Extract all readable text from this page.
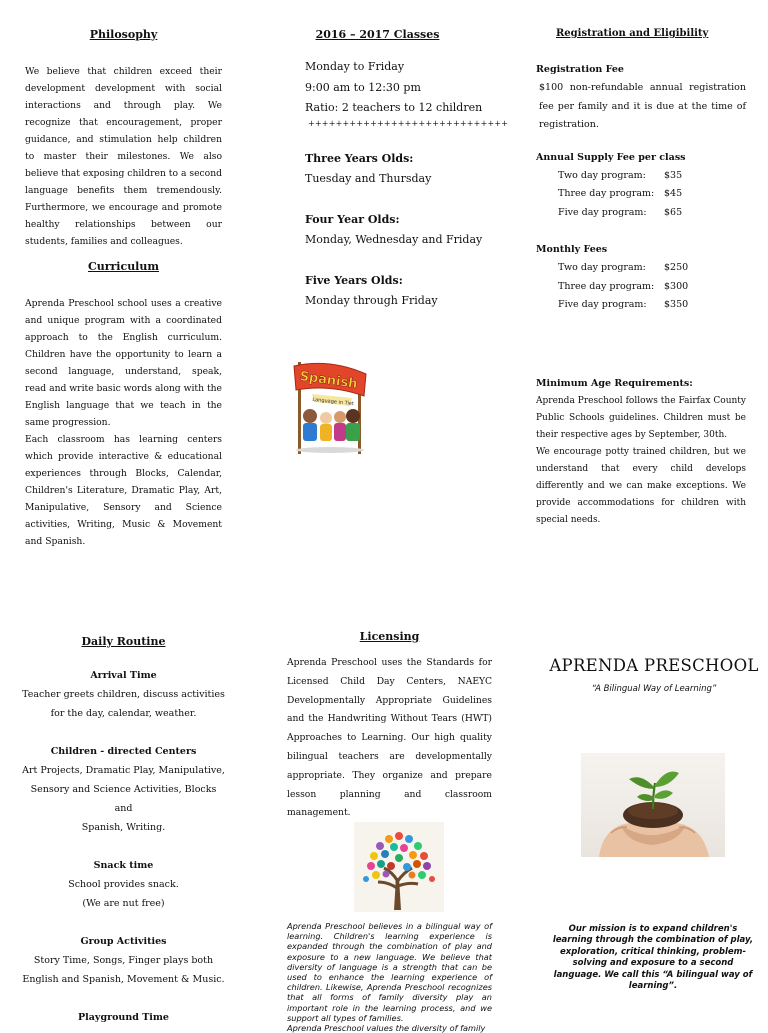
Philosophy
We believe that children exceed their development development with social interactions and through play. We recognize that encouragement, proper guidance, and stimulation help children to master their milestones. We also believe that exposing children to a second language benefits them tremendously. Furthermore, we encourage and promote healthy relationships between our students, families and colleagues.
Curriculum
Aprenda Preschool school uses a creative and unique program with a coordinated approach to the English curriculum. Children have the opportunity to learn a second language, understand, speak, read and write basic words along with the English language that we teach in the same progression.
Each classroom has learning centers which provide interactive & educational experiences through Blocks, Calendar, Children's Literature, Dramatic Play, Art, Manipulative, Sensory and Science activities, Writing, Music & Movement and Spanish.
2016 – 2017 Classes
Monday to Friday
9:00 am to 12:30 pm
Ratio: 2 teachers to 12 children
+++++++++++++++++++++++++++++
Three Years Olds:
Tuesday and Thursday
Four Year Olds:
Monday, Wednesday and Friday
Five Years Olds:
Monday through Friday
Spanish
Language in Tiet
Registration and Eligibility
Registration Fee
$100 non-refundable annual registration fee per family and it is due at the time of registration.
Annual Supply Fee per class
Two day program:	$35
Three day program:	$45
Five day program:	$65
Monthly Fees
Two day program:	$250
Three day program:	$300
Five day program:	$350
Minimum Age Requirements:
Aprenda Preschool follows the Fairfax County Public Schools guidelines. Children must be their respective ages by September, 30th.
We encourage potty trained children, but we understand that every child develops differently and we can make exceptions. We provide accommodations for children with special needs.
Daily Routine
Arrival Time
Teacher greets children, discuss activities
for the day, calendar, weather.
Children - directed Centers
Art Projects, Dramatic Play, Manipulative,
Sensory and Science Activities, Blocks and
Spanish, Writing.
Snack time
School provides snack.
(We are nut free)
Group Activities
Story Time, Songs, Finger plays both
English and Spanish, Movement & Music.
Playground Time
Licensing
Aprenda Preschool uses the Standards for Licensed Child Day Centers, NAEYC Developmentally Appropriate Guidelines and the Handwriting Without Tears (HWT) Approaches to Learning. Our high quality bilingual teachers are developmentally appropriate. They organize and prepare lesson planning and classroom management.
Aprenda Preschool believes in a bilingual way of learning. Children's learning experience is expanded through the combination of play and exposure to a new language. We believe that diversity of language is a strength that can be used to enhance the learning experience of children. Likewise, Aprenda Preschool recognizes that all forms of family diversity play an important role in the learning process, and we support all types of families.
Aprenda Preschool values the diversity of family
APRENDA PRESCHOOL
“A Bilingual Way of Learning”
Our mission is to expand children's learning through the combination of play, exploration, critical thinking, problem-solving and exposure to a second language. We call this “A bilingual way of learning”.
